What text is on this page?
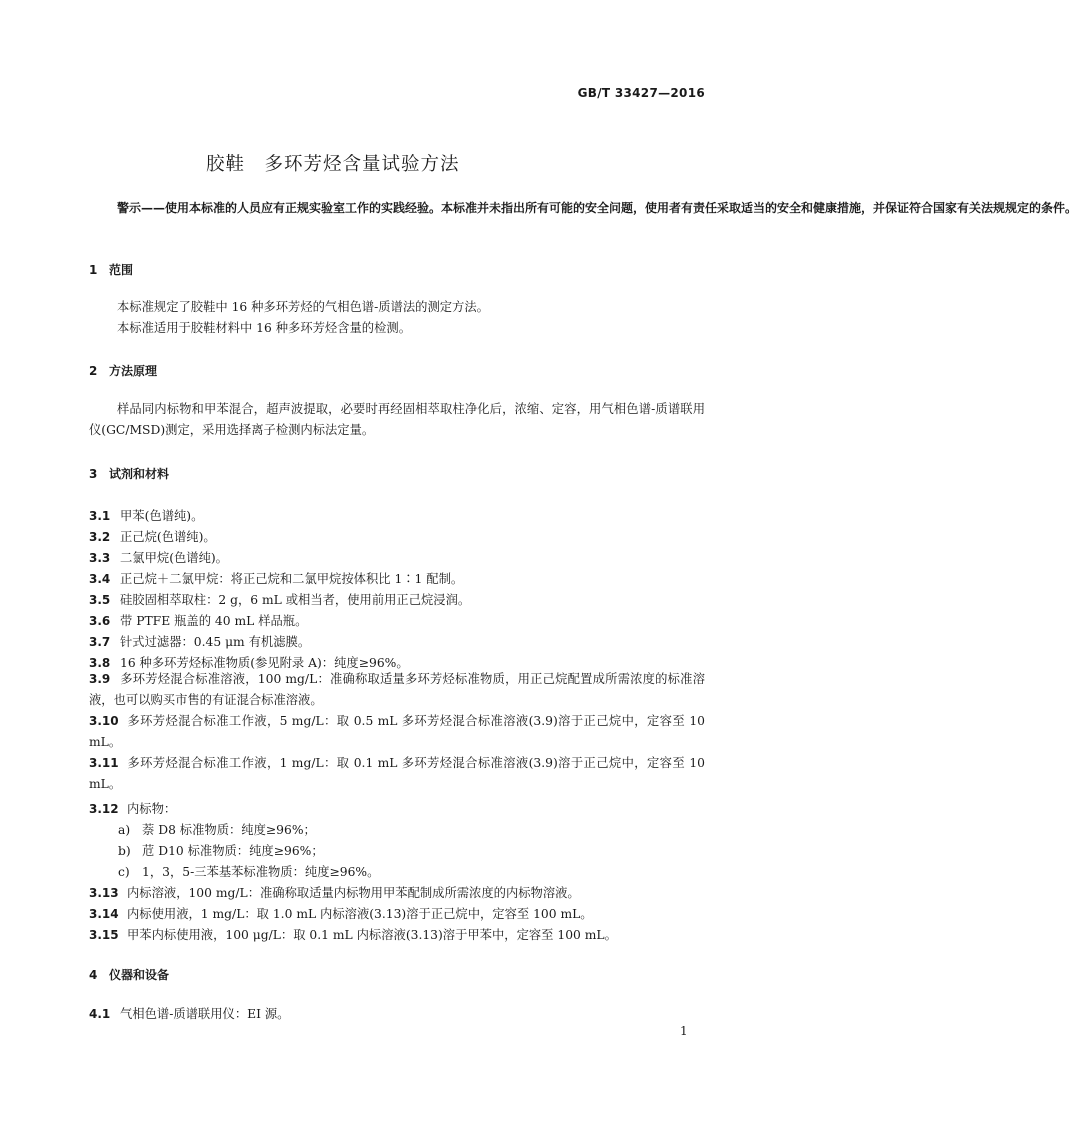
GB/T 33427—2016
胶鞋　多环芳烃含量试验方法
警示——使用本标准的人员应有正规实验室工作的实践经验。本标准并未指出所有可能的安全问题，使用者有责任采取适当的安全和健康措施，并保证符合国家有关法规规定的条件。
1 范围
本标准规定了胶鞋中 16 种多环芳烃的气相色谱-质谱法的测定方法。
本标准适用于胶鞋材料中 16 种多环芳烃含量的检测。
2 方法原理
样品同内标物和甲苯混合，超声波提取，必要时再经固相萃取柱净化后，浓缩、定容，用气相色谱-质谱联用仪(GC/MSD)测定，采用选择离子检测内标法定量。
3 试剂和材料
3.1 甲苯(色谱纯)。
3.2 正己烷(色谱纯)。
3.3 二氯甲烷(色谱纯)。
3.4 正己烷＋二氯甲烷：将正己烷和二氯甲烷按体积比 1∶1 配制。
3.5 硅胶固相萃取柱：2 g，6 mL 或相当者，使用前用正己烷浸润。
3.6 带 PTFE 瓶盖的 40 mL 样品瓶。
3.7 针式过滤器：0.45 μm 有机滤膜。
3.8 16 种多环芳烃标准物质(参见附录 A)：纯度≥96%。
3.9 多环芳烃混合标准溶液，100 mg/L：准确称取适量多环芳烃标准物质，用正己烷配置成所需浓度的标准溶液，也可以购买市售的有证混合标准溶液。
3.10 多环芳烃混合标准工作液，5 mg/L：取 0.5 mL 多环芳烃混合标准溶液(3.9)溶于正己烷中，定容至 10 mL。
3.11 多环芳烃混合标准工作液，1 mg/L：取 0.1 mL 多环芳烃混合标准溶液(3.9)溶于正己烷中，定容至 10 mL。
3.12 内标物：
a) 萘 D8 标准物质：纯度≥96%；
b) 苊 D10 标准物质：纯度≥96%；
c) 1，3，5-三苯基苯标准物质：纯度≥96%。
3.13 内标溶液，100 mg/L：准确称取适量内标物用甲苯配制成所需浓度的内标物溶液。
3.14 内标使用液，1 mg/L：取 1.0 mL 内标溶液(3.13)溶于正己烷中，定容至 100 mL。
3.15 甲苯内标使用液，100 μg/L：取 0.1 mL 内标溶液(3.13)溶于甲苯中，定容至 100 mL。
4 仪器和设备
4.1 气相色谱-质谱联用仪：EI 源。
1
